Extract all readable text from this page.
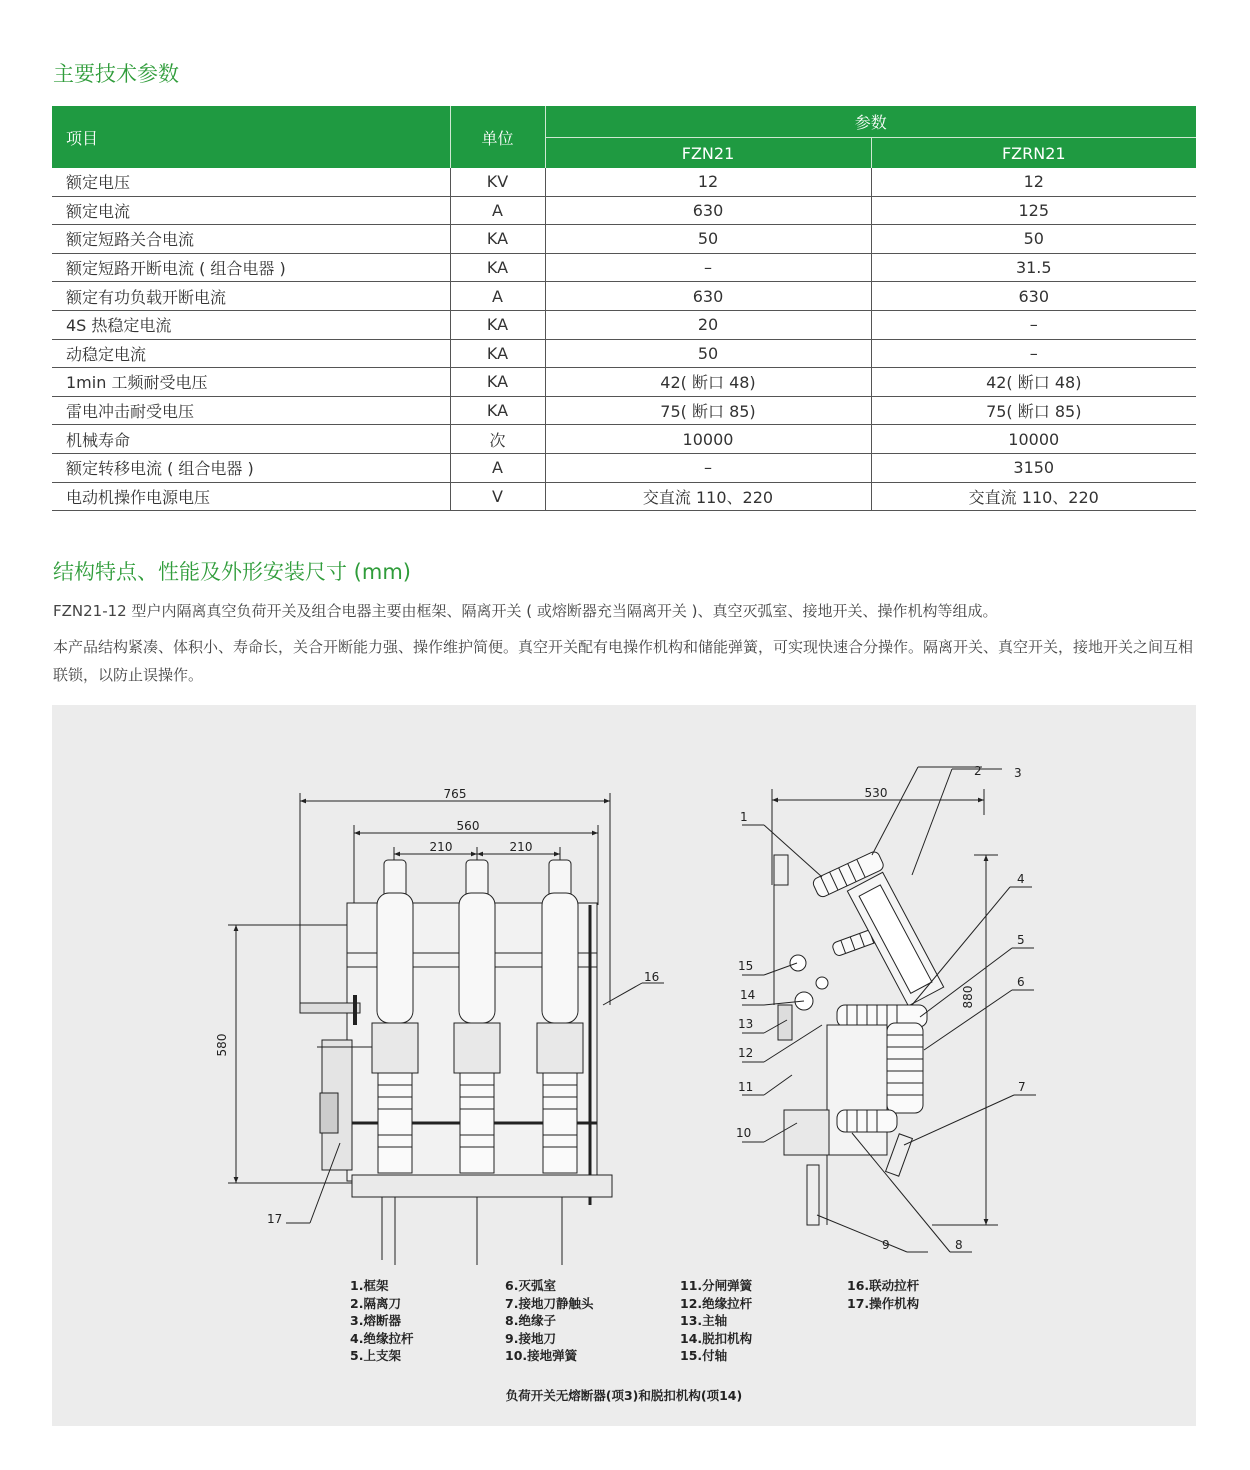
主要技术参数
项目	单位	参数	
		FZN21	FZRN21
额定电压	KV	12	12
额定电流	A	630	125
额定短路关合电流	KA	50	50
额定短路开断电流 ( 组合电器 )	KA	–	31.5
额定有功负载开断电流	A	630	630
4S 热稳定电流	KA	20	–
动稳定电流	KA	50	–
1min 工频耐受电压	KA	42( 断口 48)	42( 断口 48)
雷电冲击耐受电压	KA	75( 断口 85)	75( 断口 85)
机械寿命	次	10000	10000
额定转移电流 ( 组合电器 )	A	–	3150
电动机操作电源电压	V	交直流 110、220	交直流 110、220
结构特点、性能及外形安装尺寸 (mm)

FZN21-12 型户内隔离真空负荷开关及组合电器主要由框架、隔离开关 ( 或熔断器充当隔离开关 )、真空灭弧室、接地开关、操作机构等组成。

本产品结构紧凑、体积小、寿命长，关合开断能力强、操作维护简便。真空开关配有电操作机构和储能弹簧，可实现快速合分操作。隔离开关、真空开关，接地开关之间互相联锁，以防止误操作。

765
560
210	210
580
530
880
1
2	3
4
5
6
7
8
9
10
11
12
13
14
15
16
17
1.框架
2.隔离刀
3.熔断器
4.绝缘拉杆
5.上支架
6.灭弧室
7.接地刀静触头
8.绝缘子
9.接地刀
10.接地弹簧
11.分闸弹簧
12.绝缘拉杆
13.主轴
14.脱扣机构
15.付轴
16.联动拉杆
17.操作机构
负荷开关无熔断器(项3)和脱扣机构(项14)
